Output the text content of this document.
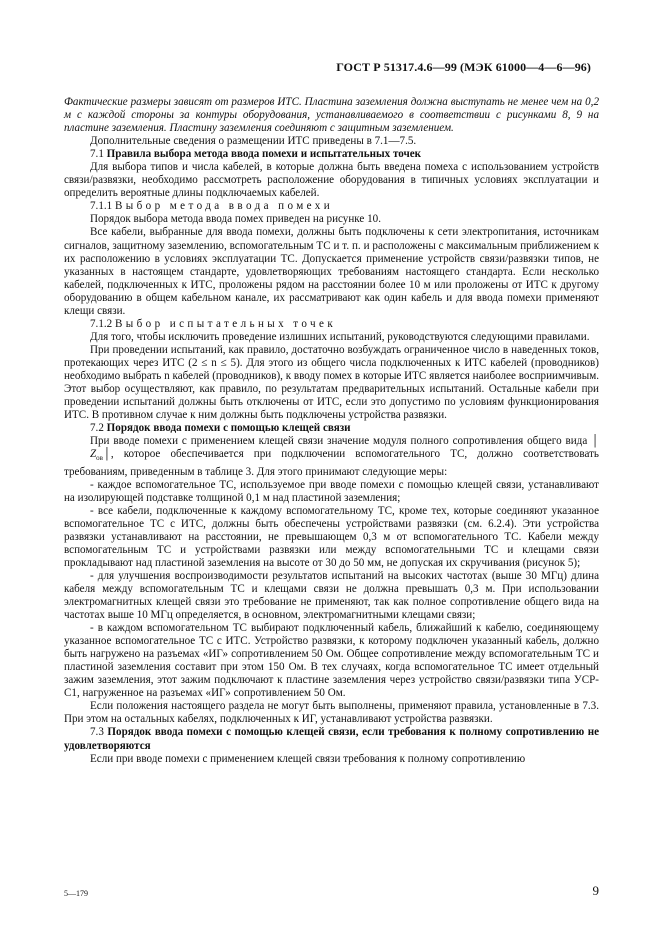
ГОСТ Р 51317.4.6—99 (МЭК 61000—4—6—96)

Фактические размеры зависят от размеров ИТС. Пластина заземления должна выступать не менее чем на 0,2 м с каждой стороны за контуры оборудования, устанавливаемого в соответствии с рисунками 8, 9 на пластине заземления. Пластину заземления соединяют с защитным заземлением.

Дополнительные сведения о размещении ИТС приведены в 7.1—7.5.

7.1 Правила выбора метода ввода помехи и испытательных точек

Для выбора типов и числа кабелей, в которые должна быть введена помеха с использованием устройств связи/развязки, необходимо рассмотреть расположение оборудования в типичных условиях эксплуатации и определить вероятные длины подключаемых кабелей.

7.1.1 Выбор метода ввода помехи

Порядок выбора метода ввода помех приведен на рисунке 10.

Все кабели, выбранные для ввода помехи, должны быть подключены к сети электропитания, источникам сигналов, защитному заземлению, вспомогательным ТС и т. п. и расположены с максимальным приближением к их расположению в условиях эксплуатации ТС. Допускается применение устройств связи/развязки типов, не указанных в настоящем стандарте, удовлетворяющих требованиям настоящего стандарта. Если несколько кабелей, подключенных к ИТС, проложены рядом на расстоянии более 10 м или проложены от ИТС к другому оборудованию в общем кабельном канале, их рассматривают как один кабель и для ввода помехи применяют клещи связи.

7.1.2 Выбор испытательных точек

Для того, чтобы исключить проведение излишних испытаний, руководствуются следующими правилами.

При проведении испытаний, как правило, достаточно возбуждать ограниченное число в наведенных токов, протекающих через ИТС (2 ≤ n ≤ 5). Для этого из общего числа подключенных к ИТС кабелей (проводников) необходимо выбрать n кабелей (проводников), к вводу помех в которые ИТС является наиболее восприимчивым. Этот выбор осуществляют, как правило, по результатам предварительных испытаний. Остальные кабели при проведении испытаний должны быть отключены от ИТС, если это допустимо по условиям функционирования ИТС. В противном случае к ним должны быть подключены устройства развязки.

7.2 Порядок ввода помехи с помощью клещей связи

При вводе помехи с применением клещей связи значение модуля полного сопротивления общего вида $│Z_{ов}│$, которое обеспечивается при подключении вспомогательного ТС, должно соответствовать требованиям, приведенным в таблице 3. Для этого принимают следующие меры:

- каждое вспомогательное ТС, используемое при вводе помехи с помощью клещей связи, устанавливают на изолирующей подставке толщиной 0,1 м над пластиной заземления;

- все кабели, подключенные к каждому вспомогательному ТС, кроме тех, которые соединяют указанное вспомогательное ТС с ИТС, должны быть обеспечены устройствами развязки (см. 6.2.4). Эти устройства развязки устанавливают на расстоянии, не превышающем 0,3 м от вспомогательного ТС. Кабели между вспомогательным ТС и устройствами развязки или между вспомогательными ТС и клещами связи прокладывают над пластиной заземления на высоте от 30 до 50 мм, не допуская их скручивания (рисунок 5);

- для улучшения воспроизводимости результатов испытаний на высоких частотах (выше 30 МГц) длина кабеля между вспомогательным ТС и клещами связи не должна превышать 0,3 м. При использовании электромагнитных клещей связи это требование не применяют, так как полное сопротивление общего вида на частотах выше 10 МГц определяется, в основном, электромагнитными клещами связи;

- в каждом вспомогательном ТС выбирают подключенный кабель, ближайший к кабелю, соединяющему указанное вспомогательное ТС с ИТС. Устройство развязки, к которому подключен указанный кабель, должно быть нагружено на разъемах «ИГ» сопротивлением 50 Ом. Общее сопротивление между вспомогательным ТС и пластиной заземления составит при этом 150 Ом. В тех случаях, когда вспомогательное ТС имеет отдельный зажим заземления, этот зажим подключают к пластине заземления через устройство связи/развязки типа УСР-С1, нагруженное на разъемах «ИГ» сопротивлением 50 Ом.

Если положения настоящего раздела не могут быть выполнены, применяют правила, установленные в 7.3. При этом на остальных кабелях, подключенных к ИГ, устанавливают устройства развязки.

7.3 Порядок ввода помехи с помощью клещей связи, если требования к полному сопротивлению не удовлетворяются

Если при вводе помехи с применением клещей связи требования к полному сопротивлению

5—179	9
